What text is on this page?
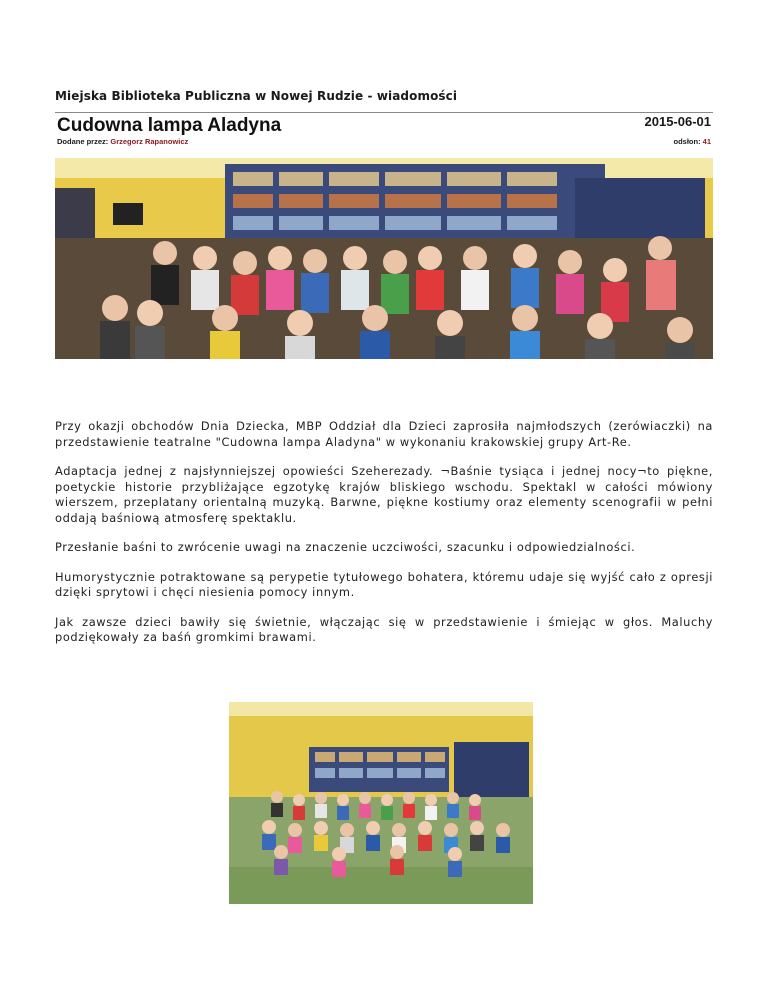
Miejska Biblioteka Publiczna w Nowej Rudzie - wiadomości
Cudowna lampa Aladyna	2015-06-01
Dodane przez: Grzegorz Rapanowicz	odsłon: 41

Przy okazji obchodów Dnia Dziecka, MBP Oddział dla Dzieci zaprosiła najmłodszych (zerówiaczki) na przedstawienie teatralne "Cudowna lampa Aladyna" w wykonaniu krakowskiej grupy Art-Re.

Adaptacja jednej z najsłynniejszej opowieści Szeherezady. ¬Baśnie tysiąca i jednej nocy¬to piękne, poetyckie historie przybliżające egzotykę krajów bliskiego wschodu. Spektakl w całości mówiony wierszem, przeplatany orientalną muzyką. Barwne, piękne kostiumy oraz elementy scenografii w pełni oddają baśniową atmosferę spektaklu.

Przesłanie baśni to zwrócenie uwagi na znaczenie uczciwości, szacunku i odpowiedzialności.

Humorystycznie potraktowane są perypetie tytułowego bohatera, któremu udaje się wyjść cało z opresji dzięki sprytowi i chęci niesienia pomocy innym.

Jak zawsze dzieci bawiły się świetnie, włączając się w przedstawienie i śmiejąc w głos. Maluchy podziękowały za baśń gromkimi brawami.
